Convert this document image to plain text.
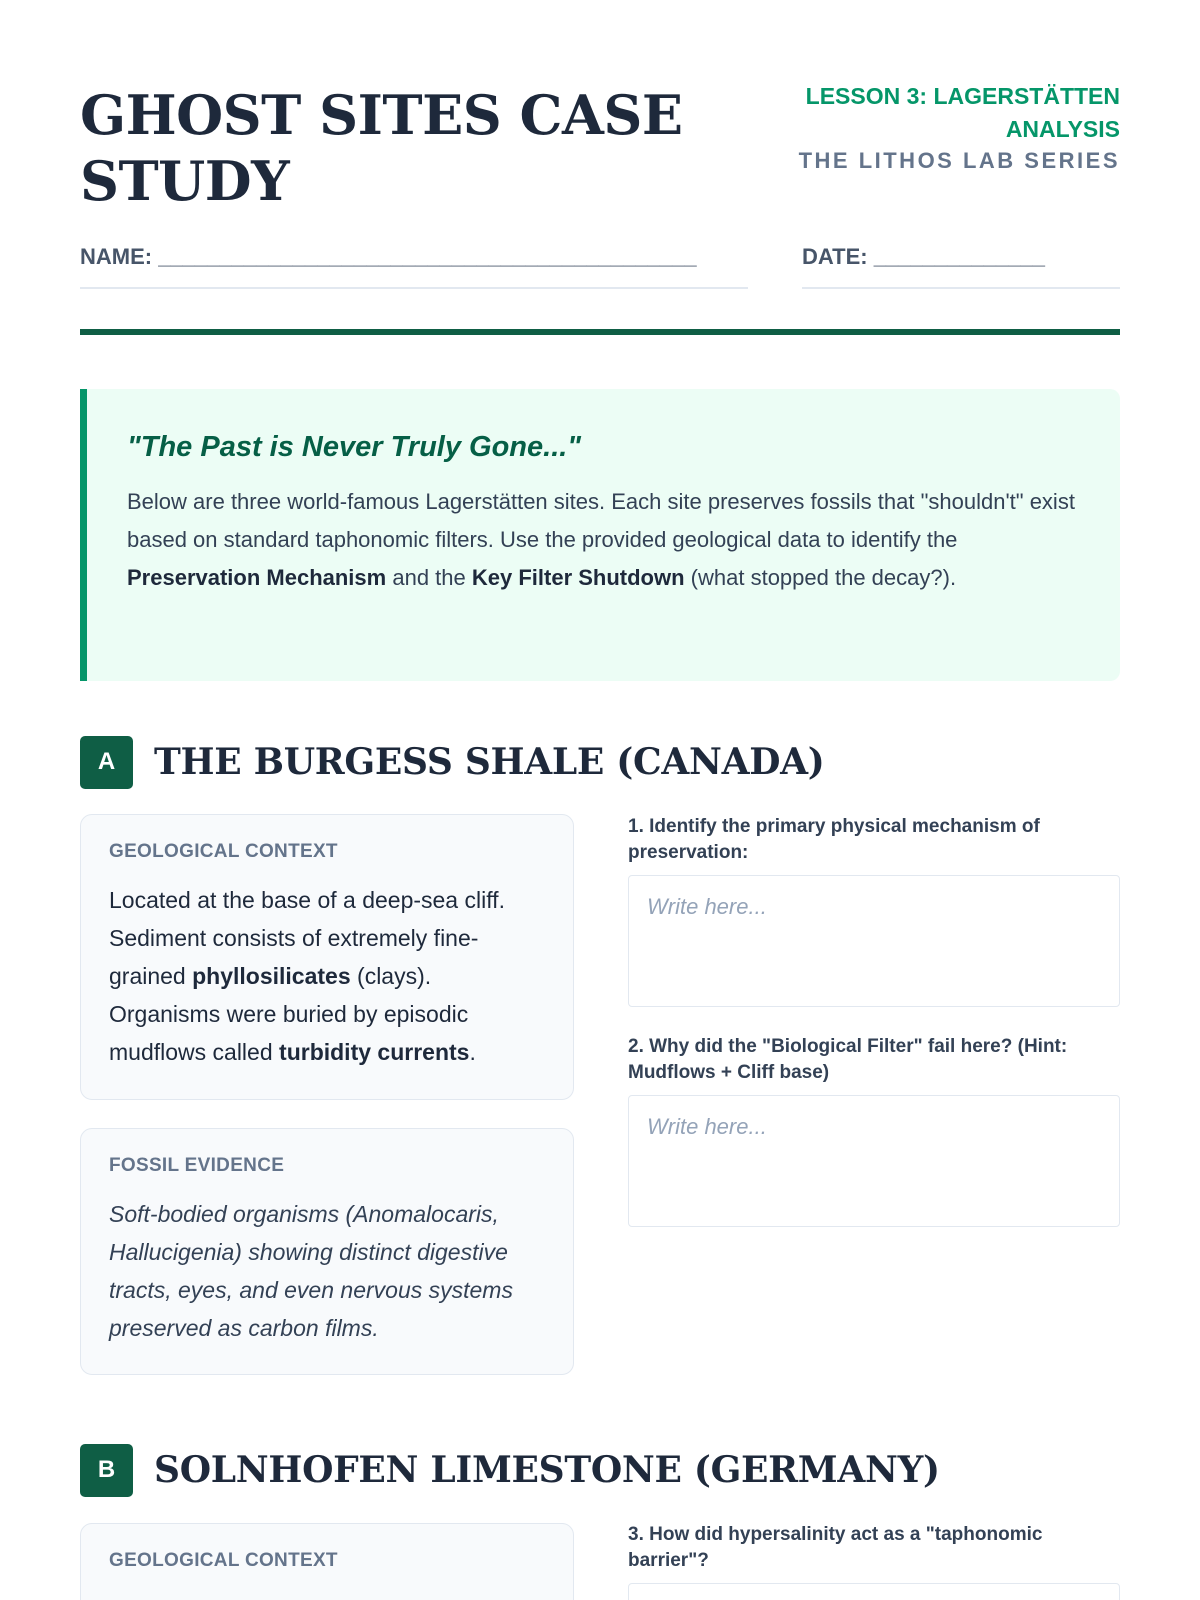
GHOST SITES CASE STUDY
LESSON 3: LAGERSTÄTTEN ANALYSIS
THE LITHOS LAB SERIES
NAME: ____________________________________________	DATE: ______________
"The Past is Never Truly Gone..."

Below are three world-famous Lagerstätten sites. Each site preserves fossils that "shouldn't" exist based on standard taphonomic filters. Use the provided geological data to identify the Preservation Mechanism and the Key Filter Shutdown (what stopped the decay?).

A	THE BURGESS SHALE (CANADA)
GEOLOGICAL CONTEXT

Located at the base of a deep-sea cliff. Sediment consists of extremely fine-grained phyllosilicates (clays). Organisms were buried by episodic mudflows called turbidity currents.

FOSSIL EVIDENCE

Soft-bodied organisms (Anomalocaris, Hallucigenia) showing distinct digestive tracts, eyes, and even nervous systems preserved as carbon films.

1. Identify the primary physical mechanism of preservation:
Write here...
2. Why did the "Biological Filter" fail here? (Hint: Mudflows + Cliff base)
Write here...
B	SOLNHOFEN LIMESTONE (GERMANY)
GEOLOGICAL CONTEXT
3. How did hypersalinity act as a "taphonomic barrier"?
